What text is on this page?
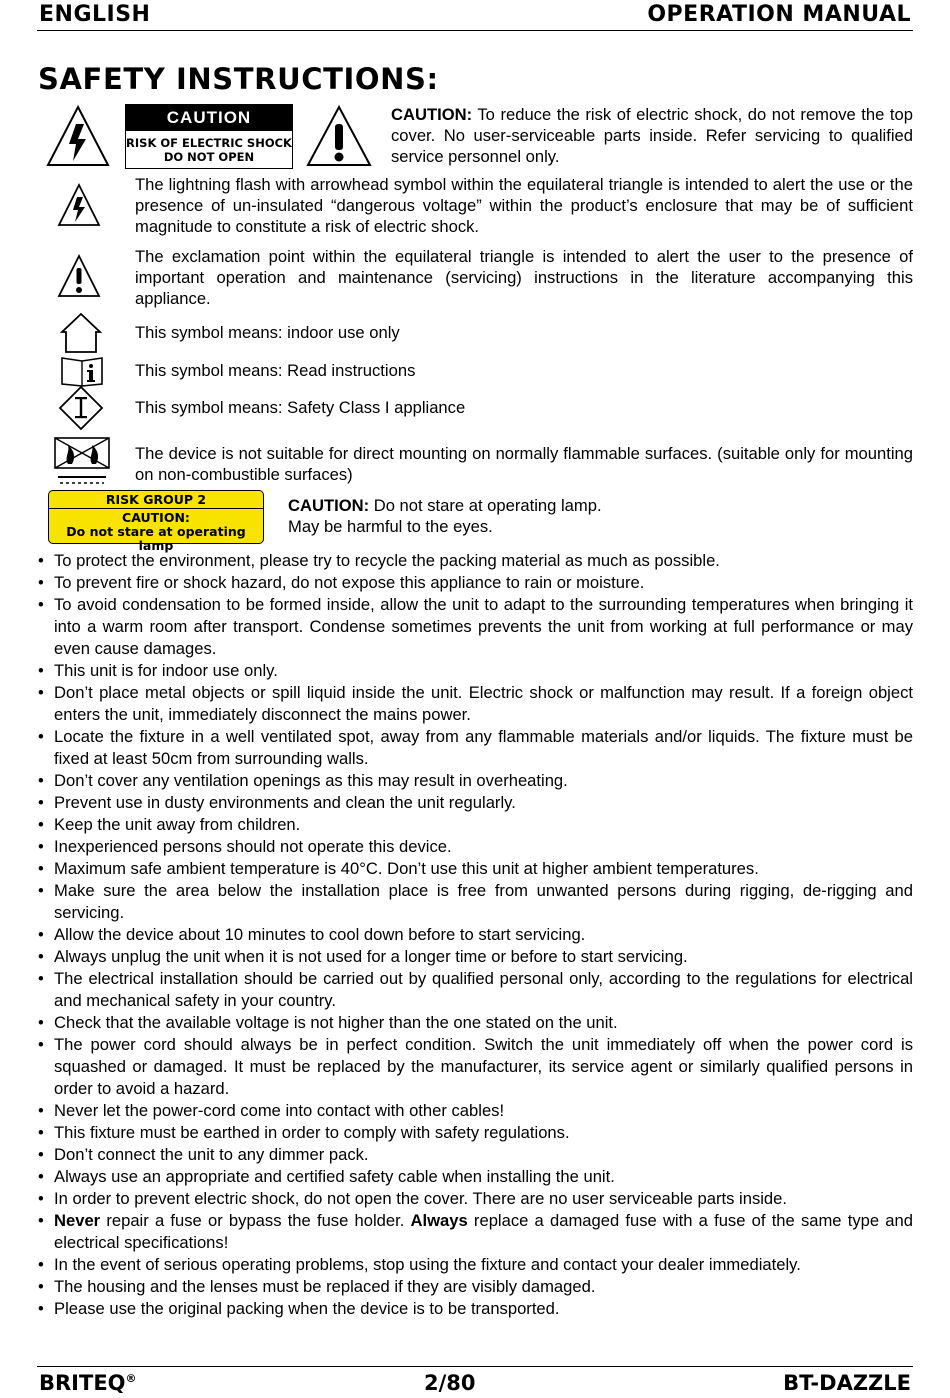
ENGLISH	OPERATION MANUAL
SAFETY INSTRUCTIONS:
CAUTION
RISK OF ELECTRIC SHOCK
DO NOT OPEN
CAUTION: To reduce the risk of electric shock, do not remove the top cover. No user-serviceable parts inside. Refer servicing to qualified service personnel only.
The lightning flash with arrowhead symbol within the equilateral triangle is intended to alert the use or the presence of un-insulated “dangerous voltage” within the product’s enclosure that may be of sufficient magnitude to constitute a risk of electric shock.
The exclamation point within the equilateral triangle is intended to alert the user to the presence of important operation and maintenance (servicing) instructions in the literature accompanying this appliance.
This symbol means: indoor use only
This symbol means: Read instructions
This symbol means: Safety Class I appliance
The device is not suitable for direct mounting on normally flammable surfaces. (suitable only for mounting on non-combustible surfaces)
RISK GROUP 2
CAUTION:
Do not stare at operating lamp
CAUTION: Do not stare at operating lamp.
May be harmful to the eyes.
• To protect the environment, please try to recycle the packing material as much as possible.
• To prevent fire or shock hazard, do not expose this appliance to rain or moisture.
• To avoid condensation to be formed inside, allow the unit to adapt to the surrounding temperatures when bringing it into a warm room after transport. Condense sometimes prevents the unit from working at full performance or may even cause damages.
• This unit is for indoor use only.
• Don’t place metal objects or spill liquid inside the unit. Electric shock or malfunction may result. If a foreign object enters the unit, immediately disconnect the mains power.
• Locate the fixture in a well ventilated spot, away from any flammable materials and/or liquids. The fixture must be fixed at least 50cm from surrounding walls.
• Don’t cover any ventilation openings as this may result in overheating.
• Prevent use in dusty environments and clean the unit regularly.
• Keep the unit away from children.
• Inexperienced persons should not operate this device.
• Maximum safe ambient temperature is 40°C. Don’t use this unit at higher ambient temperatures.
• Make sure the area below the installation place is free from unwanted persons during rigging, de-rigging and servicing.
• Allow the device about 10 minutes to cool down before to start servicing.
• Always unplug the unit when it is not used for a longer time or before to start servicing.
• The electrical installation should be carried out by qualified personal only, according to the regulations for electrical and mechanical safety in your country.
• Check that the available voltage is not higher than the one stated on the unit.
• The power cord should always be in perfect condition. Switch the unit immediately off when the power cord is squashed or damaged. It must be replaced by the manufacturer, its service agent or similarly qualified persons in order to avoid a hazard.
• Never let the power-cord come into contact with other cables!
• This fixture must be earthed in order to comply with safety regulations.
• Don’t connect the unit to any dimmer pack.
• Always use an appropriate and certified safety cable when installing the unit.
• In order to prevent electric shock, do not open the cover. There are no user serviceable parts inside.
• Never repair a fuse or bypass the fuse holder. Always replace a damaged fuse with a fuse of the same type and electrical specifications!
• In the event of serious operating problems, stop using the fixture and contact your dealer immediately.
• The housing and the lenses must be replaced if they are visibly damaged.
• Please use the original packing when the device is to be transported.
BRITEQ®	2/80	BT-DAZZLE
